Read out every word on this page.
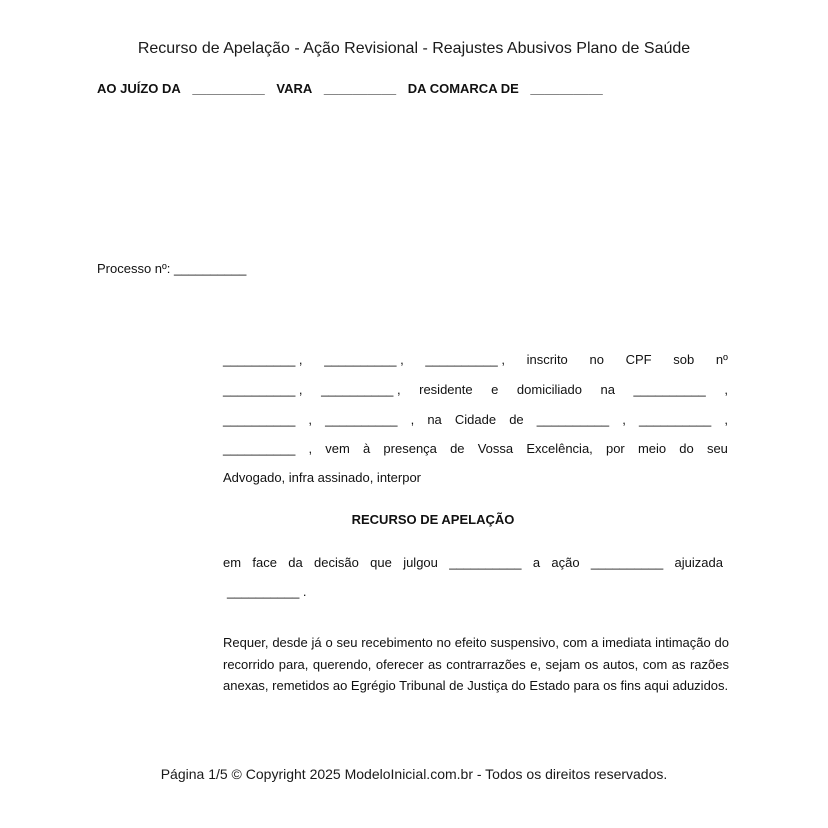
Recurso de Apelação - Ação Revisional - Reajustes Abusivos Plano de Saúde
AO JUÍZO DA __________ VARA __________ DA COMARCA DE __________
Processo nº: __________
__________ , __________ , __________ , inscrito no CPF sob nº
__________ , __________ , residente e domiciliado na __________ ,
__________ , __________ , na Cidade de __________ , __________ ,
__________ , vem à presença de Vossa Excelência, por meio do seu
Advogado, infra assinado, interpor
RECURSO DE APELAÇÃO
em face da decisão que julgou __________ a ação __________ ajuizada
__________ .
Requer, desde já o seu recebimento no efeito suspensivo, com a imediata intimação do recorrido para, querendo, oferecer as contrarrazões e, sejam os autos, com as razões anexas, remetidos ao Egrégio Tribunal de Justiça do Estado para os fins aqui aduzidos.
Página 1/5 © Copyright 2025 ModeloInicial.com.br - Todos os direitos reservados.
